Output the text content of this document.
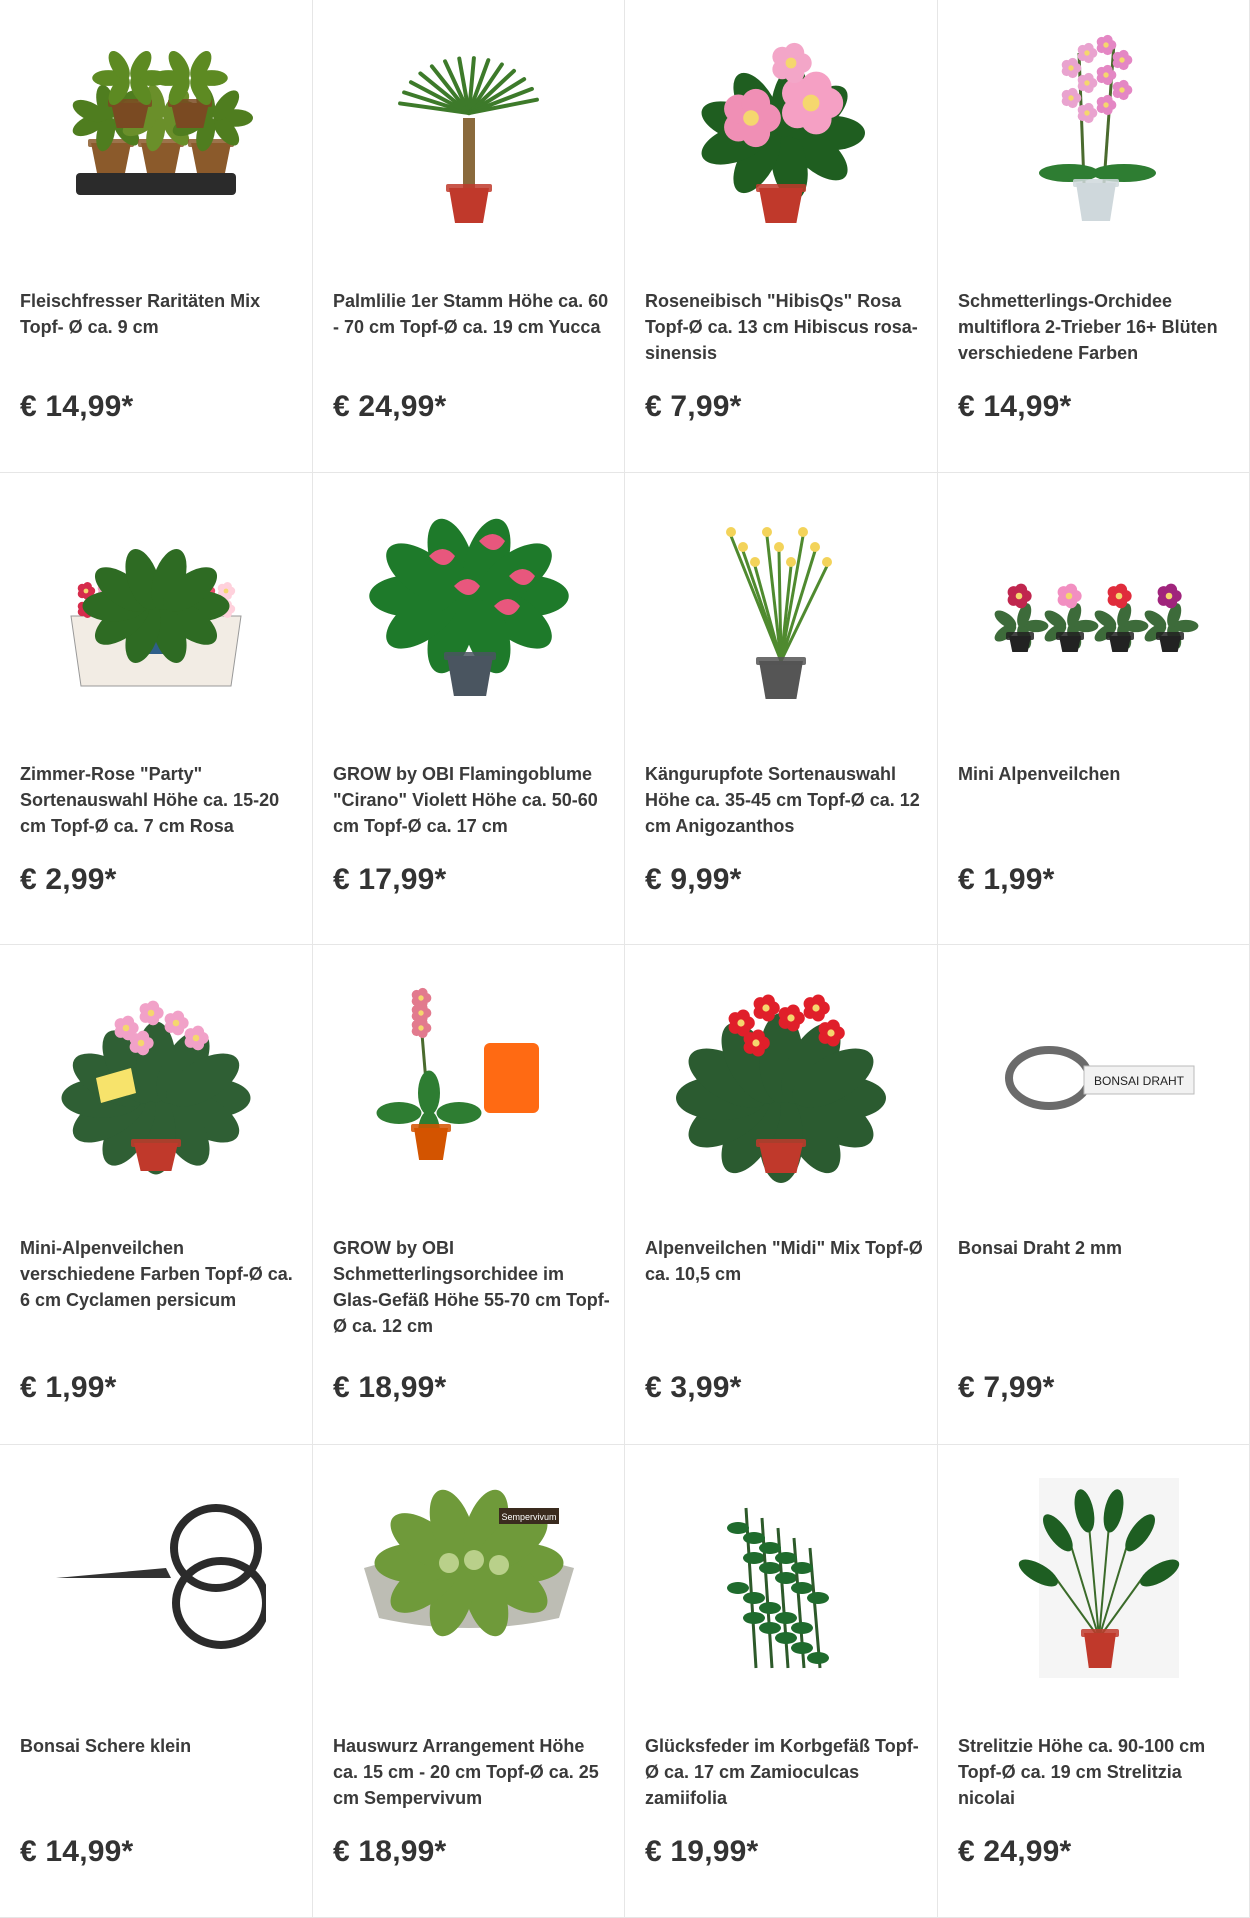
Fleischfresser Raritäten Mix Topf- Ø ca. 9 cm
€ 14,99*
Palmlilie 1er Stamm Höhe ca. 60 - 70 cm Topf-Ø ca. 19 cm Yucca
€ 24,99*
Roseneibisch "HibisQs" Rosa Topf-Ø ca. 13 cm Hibiscus rosa-sinensis
€ 7,99*
Schmetterlings-Orchidee multiflora 2-Trieber 16+ Blüten verschiedene Farben
€ 14,99*
Zimmer-Rose "Party" Sortenauswahl Höhe ca. 15-20 cm Topf-Ø ca. 7 cm Rosa
€ 2,99*
GROW by OBI Flamingoblume "Cirano" Violett Höhe ca. 50-60 cm Topf-Ø ca. 17 cm
€ 17,99*
Kängurupfote Sortenauswahl Höhe ca. 35-45 cm Topf-Ø ca. 12 cm Anigozanthos
€ 9,99*
Mini Alpenveilchen
€ 1,99*
Mini-Alpenveilchen verschiedene Farben Topf-Ø ca. 6 cm Cyclamen persicum
€ 1,99*
GROW by OBI Schmetterlingsorchidee im Glas-Gefäß Höhe 55-70 cm Topf-Ø ca. 12 cm
€ 18,99*
Alpenveilchen "Midi" Mix Topf-Ø ca. 10,5 cm
€ 3,99*
BONSAI DRAHT
Bonsai Draht 2 mm
€ 7,99*
Bonsai Schere klein
€ 14,99*
Sempervivum
Hauswurz Arrangement Höhe ca. 15 cm - 20 cm Topf-Ø ca. 25 cm Sempervivum
€ 18,99*
Glücksfeder im Korbgefäß Topf-Ø ca. 17 cm Zamioculcas zamiifolia
€ 19,99*
Strelitzie Höhe ca. 90-100 cm Topf-Ø ca. 19 cm Strelitzia nicolai
€ 24,99*
